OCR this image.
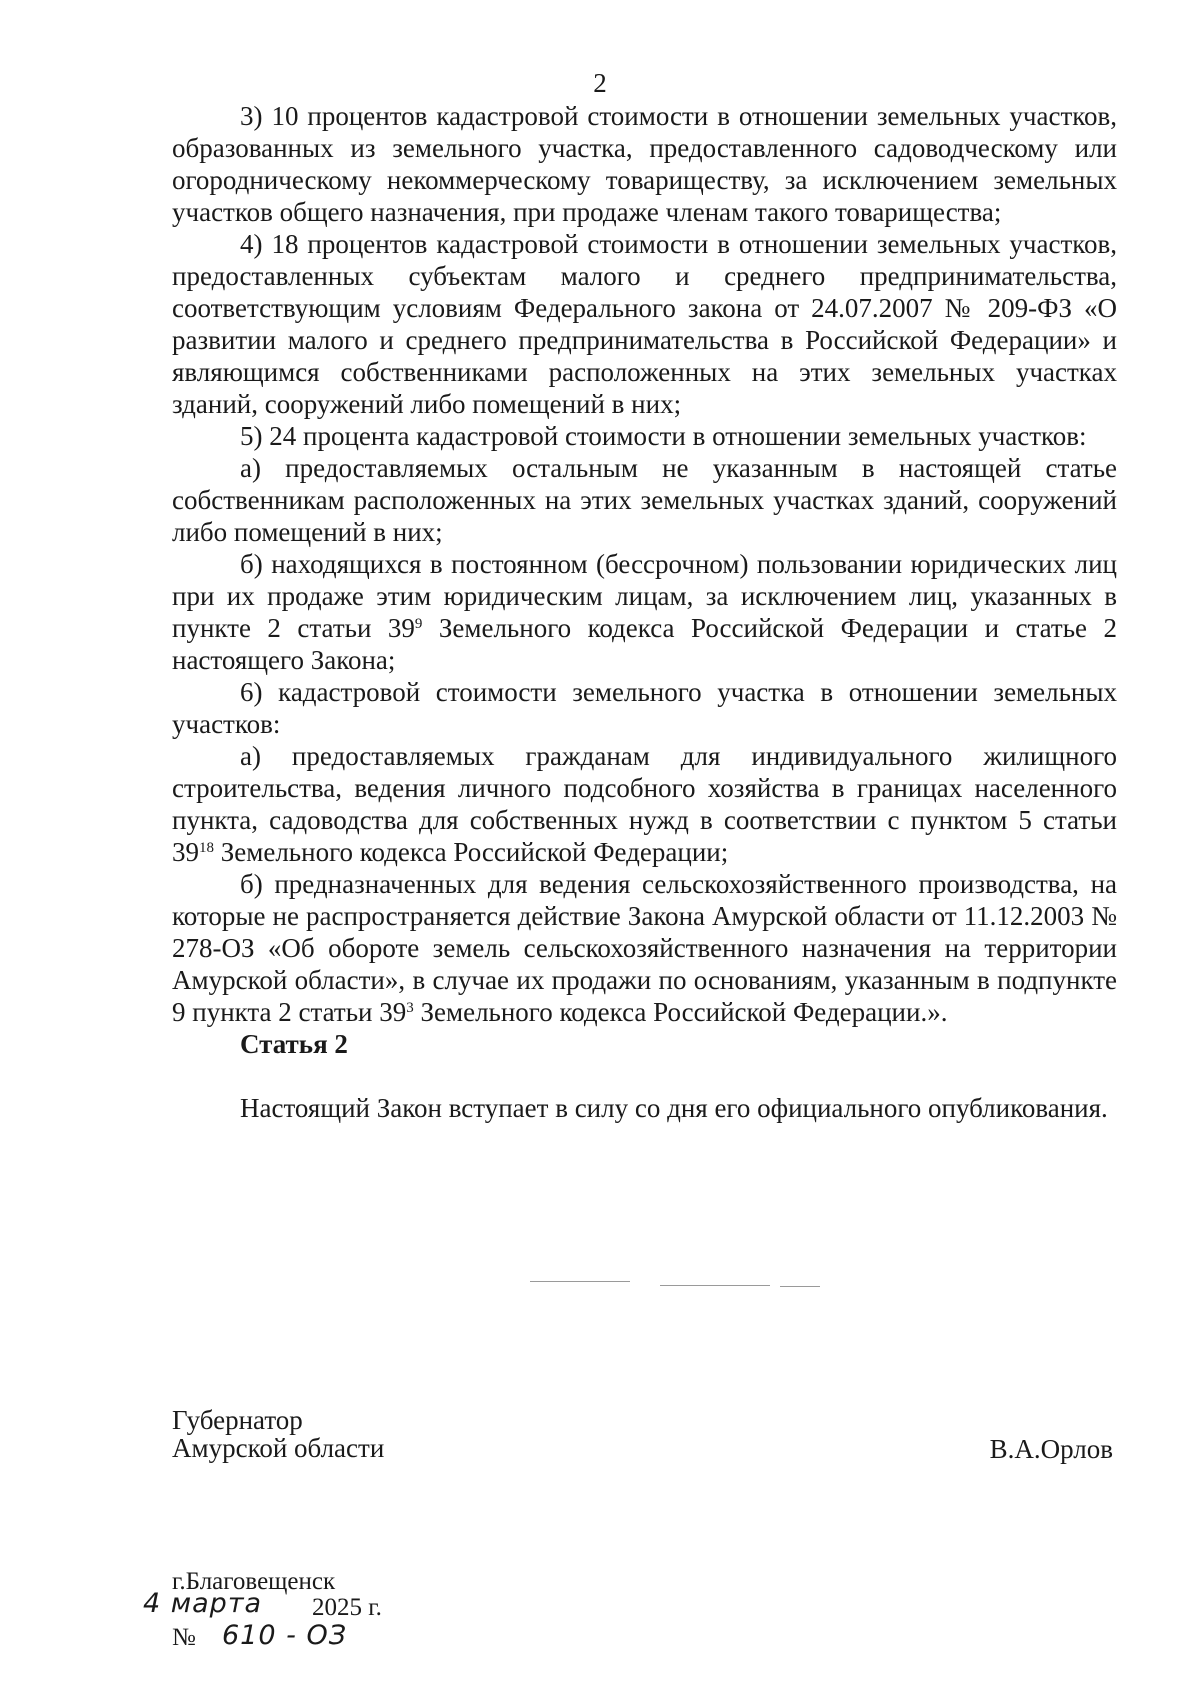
2

3) 10 процентов кадастровой стоимости в отношении земельных участков, образованных из земельного участка, предоставленного садоводческому или огородническому некоммерческому товариществу, за исключением земельных участков общего назначения, при продаже членам такого товарищества;

4) 18 процентов кадастровой стоимости в отношении земельных участков, предоставленных субъектам малого и среднего предпринимательства, соответствующим условиям Федерального закона от 24.07.2007 № 209-ФЗ «О развитии малого и среднего предпринимательства в Российской Федерации» и являющимся собственниками расположенных на этих земельных участках зданий, сооружений либо помещений в них;

5) 24 процента кадастровой стоимости в отношении земельных участков:

а) предоставляемых остальным не указанным в настоящей статье собственникам расположенных на этих земельных участках зданий, сооружений либо помещений в них;

б) находящихся в постоянном (бессрочном) пользовании юридических лиц при их продаже этим юридическим лицам, за исключением лиц, указанных в пункте 2 статьи $39^9$ Земельного кодекса Российской Федерации и статье 2 настоящего Закона;

6) кадастровой стоимости земельного участка в отношении земельных участков:

а) предоставляемых гражданам для индивидуального жилищного строительства, ведения личного подсобного хозяйства в границах населенного пункта, садоводства для собственных нужд в соответствии с пунктом 5 статьи $39^{18}$ Земельного кодекса Российской Федерации;

б) предназначенных для ведения сельскохозяйственного производства, на которые не распространяется действие Закона Амурской области от 11.12.2003 № 278-ОЗ «Об обороте земель сельскохозяйственного назначения на территории Амурской области», в случае их продажи по основаниям, указанным в подпункте 9 пункта 2 статьи $39^3$ Земельного кодекса Российской Федерации.».

Статья 2

Настоящий Закон вступает в силу со дня его официального опубликования.

Губернатор
Амурской области	В.А.Орлов
г.Благовещенск
4 марта 2025 г.
№ 610 - ОЗ
